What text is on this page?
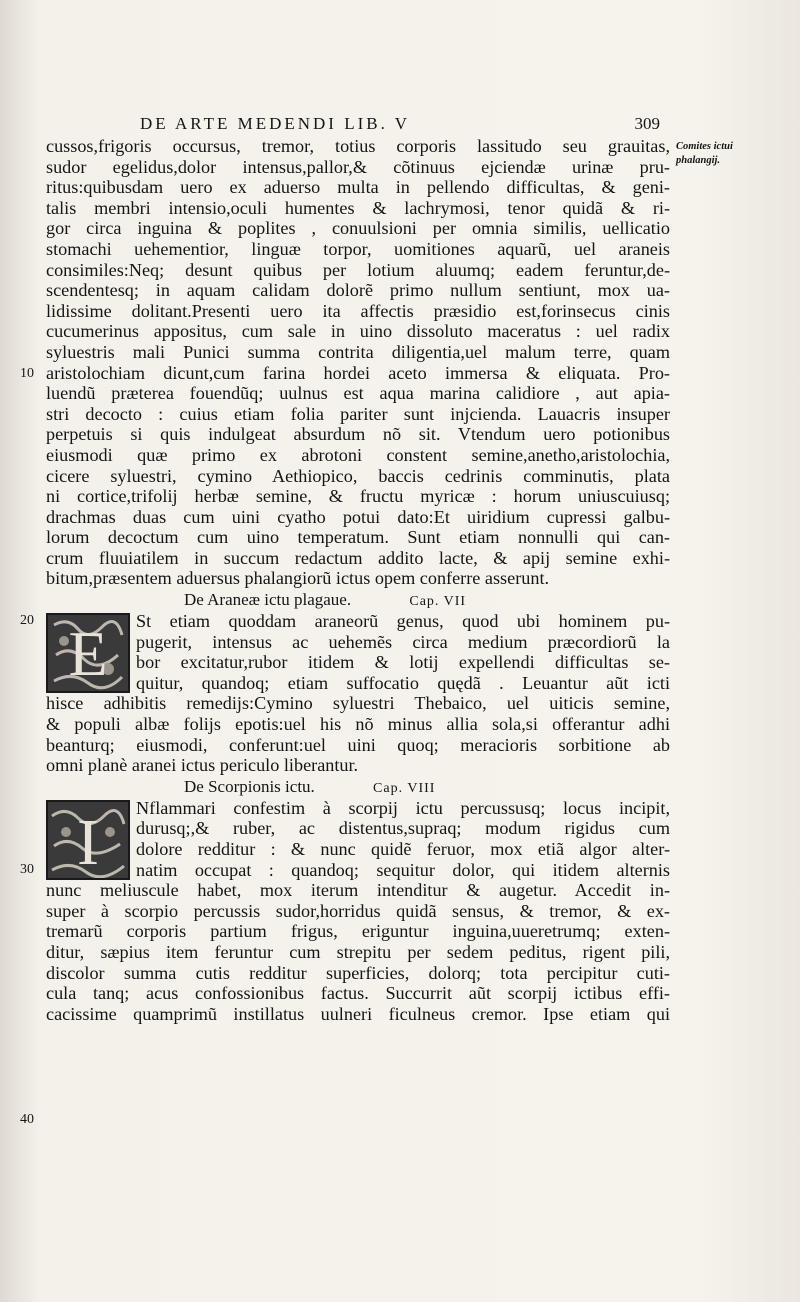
DE ARTE MEDENDI LIB. V	309
Comites ictui
phalangij.
10
20
30
40
cussos,frigoris occursus, tremor, totius corporis lassitudo seu grauitas,
sudor egelidus,dolor intensus,pallor,& cõtinuus ejciendæ urinæ pru-
ritus:quibusdam uero ex aduerso multa in pellendo difficultas, & geni-
talis membri intensio,oculi humentes & lachrymosi, tenor quidã & ri-
gor circa inguina & poplites , conuulsioni per omnia similis, uellicatio
stomachi uehementior, linguæ torpor, uomitiones aquarũ, uel araneis
consimiles:Neq; desunt quibus per lotium aluumq; eadem feruntur,de-
scendentesq; in aquam calidam dolorẽ primo nullum sentiunt, mox ua-
lidissime dolitant.Presenti uero ita affectis præsidio est,forinsecus cinis
cucumerinus appositus, cum sale in uino dissoluto maceratus : uel radix
syluestris mali Punici summa contrita diligentia,uel malum terre, quam
aristolochiam dicunt,cum farina hordei aceto immersa & eliquata. Pro-
luendũ præterea fouendũq; uulnus est aqua marina calidiore , aut apia-
stri decocto : cuius etiam folia pariter sunt injcienda. Lauacris insuper
perpetuis si quis indulgeat absurdum nõ sit. Vtendum uero potionibus
eiusmodi quæ primo ex abrotoni constent semine,anetho,aristolochia,
cicere syluestri, cymino Aethiopico, baccis cedrinis comminutis, plata
ni cortice,trifolij herbæ semine, & fructu myricæ : horum uniuscuiusq;
drachmas duas cum uini cyatho potui dato:Et uiridium cupressi galbu-
lorum decoctum cum uino temperatum. Sunt etiam nonnulli qui can-
crum fluuiatilem in succum redactum addito lacte, & apij semine exhi-
bitum,præsentem aduersus phalangiorũ ictus opem conferre asserunt.
De Araneæ ictu plagaue.	Cap. VII
E St etiam quoddam araneorũ genus, quod ubi hominem pu-
pugerit, intensus ac uehemẽs circa medium præcordiorũ la
bor excitatur,rubor itidem & lotij expellendi difficultas se-
quitur, quandoq; etiam suffocatio quędã . Leuantur aũt icti
hisce adhibitis remedijs:Cymino syluestri Thebaico, uel uiticis semine,
& populi albæ folijs epotis:uel his nõ minus allia sola,si offerantur adhi
beanturq; eiusmodi, conferunt:uel uini quoq; meracioris sorbitione ab
omni planè aranei ictus periculo liberantur.
De Scorpionis ictu.	Cap. VIII
I Nflammari confestim à scorpij ictu percussusq; locus incipit,
durusq;,& ruber, ac distentus,supraq; modum rigidus cum
dolore redditur : & nunc quidẽ feruor, mox etiã algor alter-
natim occupat : quandoq; sequitur dolor, qui itidem alternis
nunc meliuscule habet, mox iterum intenditur & augetur. Accedit in-
super à scorpio percussis sudor,horridus quidã sensus, & tremor, & ex-
tremarũ corporis partium frigus, eriguntur inguina,uueretrumq; exten-
ditur, sæpius item feruntur cum strepitu per sedem peditus, rigent pili,
discolor summa cutis redditur superficies, dolorq; tota percipitur cuti-
cula tanq; acus confossionibus factus. Succurrit aũt scorpij ictibus effi-
cacissime quamprimũ instillatus uulneri ficulneus cremor. Ipse etiam qui
